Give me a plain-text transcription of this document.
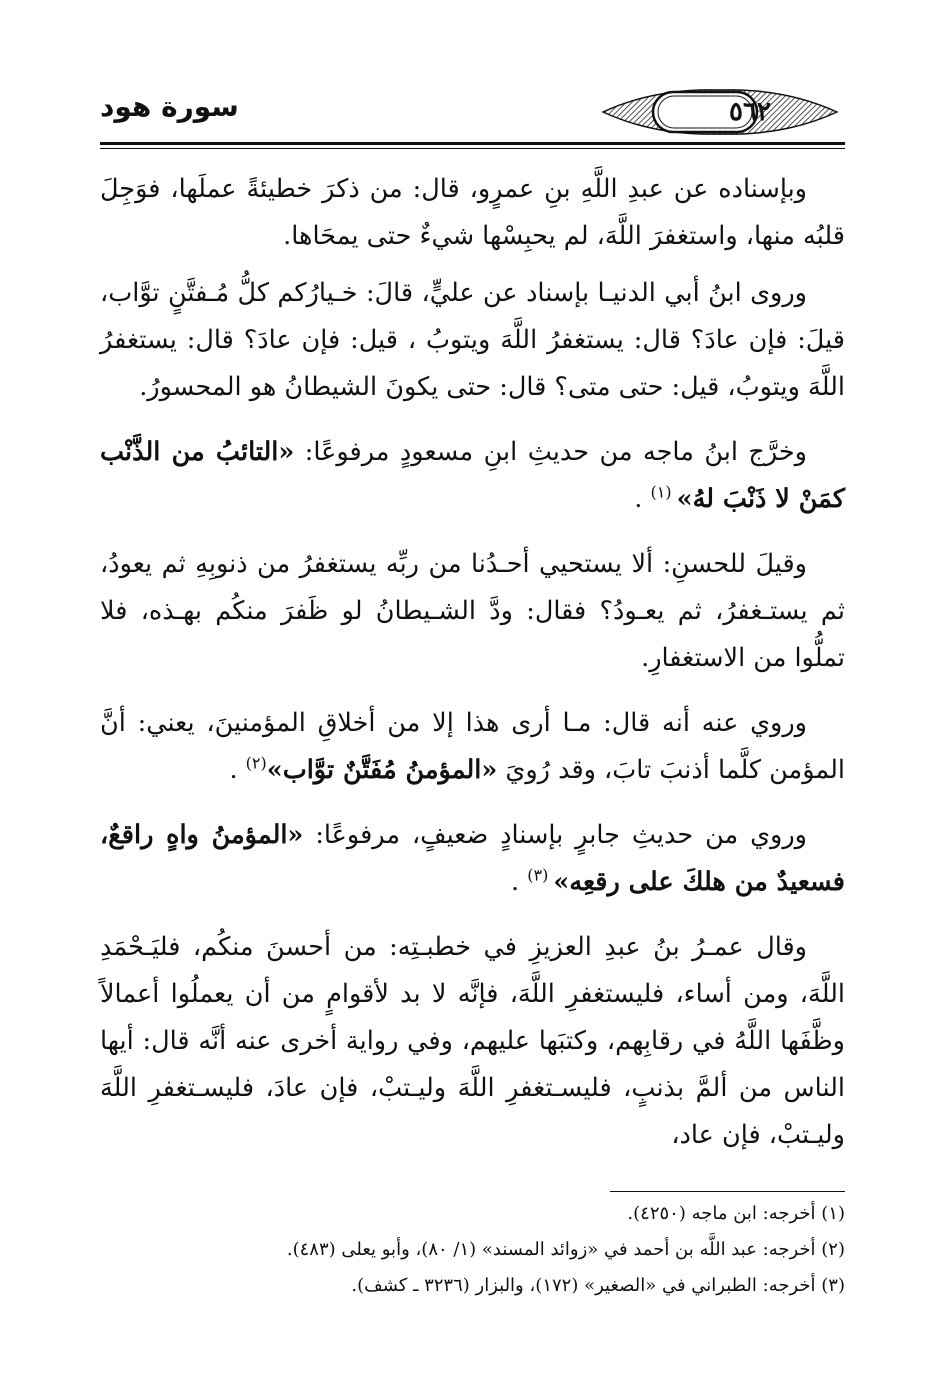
٥٦٢
سورة هود

وبإسناده عن عبدِ اللَّهِ بنِ عمرٍو، قال: من ذكرَ خطيئةً عملَها، فوَجِلَ قلبُه منها، واستغفرَ اللَّهَ، لم يحبِسْها شيءٌ حتى يمحَاها.

وروى ابنُ أبي الدنيـا بإسناد عن عليٍّ، قالَ: خـيارُكم كلُّ مُـفتَّنٍ توَّاب، قيلَ: فإن عادَ؟ قال: يستغفرُ اللَّهَ ويتوبُ ، قيل: فإن عادَ؟ قال: يستغفرُ اللَّهَ ويتوبُ، قيل: حتى متى؟ قال: حتى يكونَ الشيطانُ هو المحسورُ.

وخرَّج ابنُ ماجه من حديثِ ابنِ مسعودٍ مرفوعًا: «التائبُ من الذَّنْب كمَنْ لا ذَنْبَ لهُ» $^{(١)}$ .

وقيلَ للحسنِ: ألا يستحيي أحـدُنا من ربِّه يستغفرُ من ذنوبِهِ ثم يعودُ، ثم يستـغفرُ، ثم يعـودُ؟ فقال: ودَّ الشـيطانُ لو ظَفرَ منكُم بهـذه، فلا تملُّوا من الاستغفارِ.

وروي عنه أنه قال: مـا أرى هذا إلا من أخلاقِ المؤمنينَ، يعني: أنَّ المؤمن كلَّما أذنبَ تابَ، وقد رُويَ «المؤمنُ مُفَتَّنٌ توَّاب»$^{(٢)}$ .

وروي من حديثِ جابرٍ بإسنادٍ ضعيفٍ، مرفوعًا: «المؤمنُ واهٍ راقعٌ، فسعيدٌ من هلكَ على رقعِه» $^{(٣)}$ .

وقال عمـرُ بنُ عبدِ العزيزِ في خطبـتِه: من أحسنَ منكُم، فليَـحْمَدِ اللَّهَ، ومن أساء، فليستغفرِ اللَّهَ، فإنَّه لا بد لأقوامٍ من أن يعملُوا أعمالاً وظَّفَها اللَّهُ في رقابِهم، وكتبَها عليهم، وفي رواية أخرى عنه أنَّه قال: أيها الناس من ألمَّ بذنبٍ، فليسـتغفرِ اللَّهَ وليـتبْ، فإن عادَ، فليسـتغفرِ اللَّهَ وليـتبْ، فإن عاد،

(١) أخرجه: ابن ماجه (٤٢٥٠).

(٢) أخرجه: عبد اللَّه بن أحمد في «زوائد المسند» (١/ ٨٠)، وأبو يعلى (٤٨٣).

(٣) أخرجه: الطبراني في «الصغير» (١٧٢)، والبزار (٣٢٣٦ ـ كشف).
